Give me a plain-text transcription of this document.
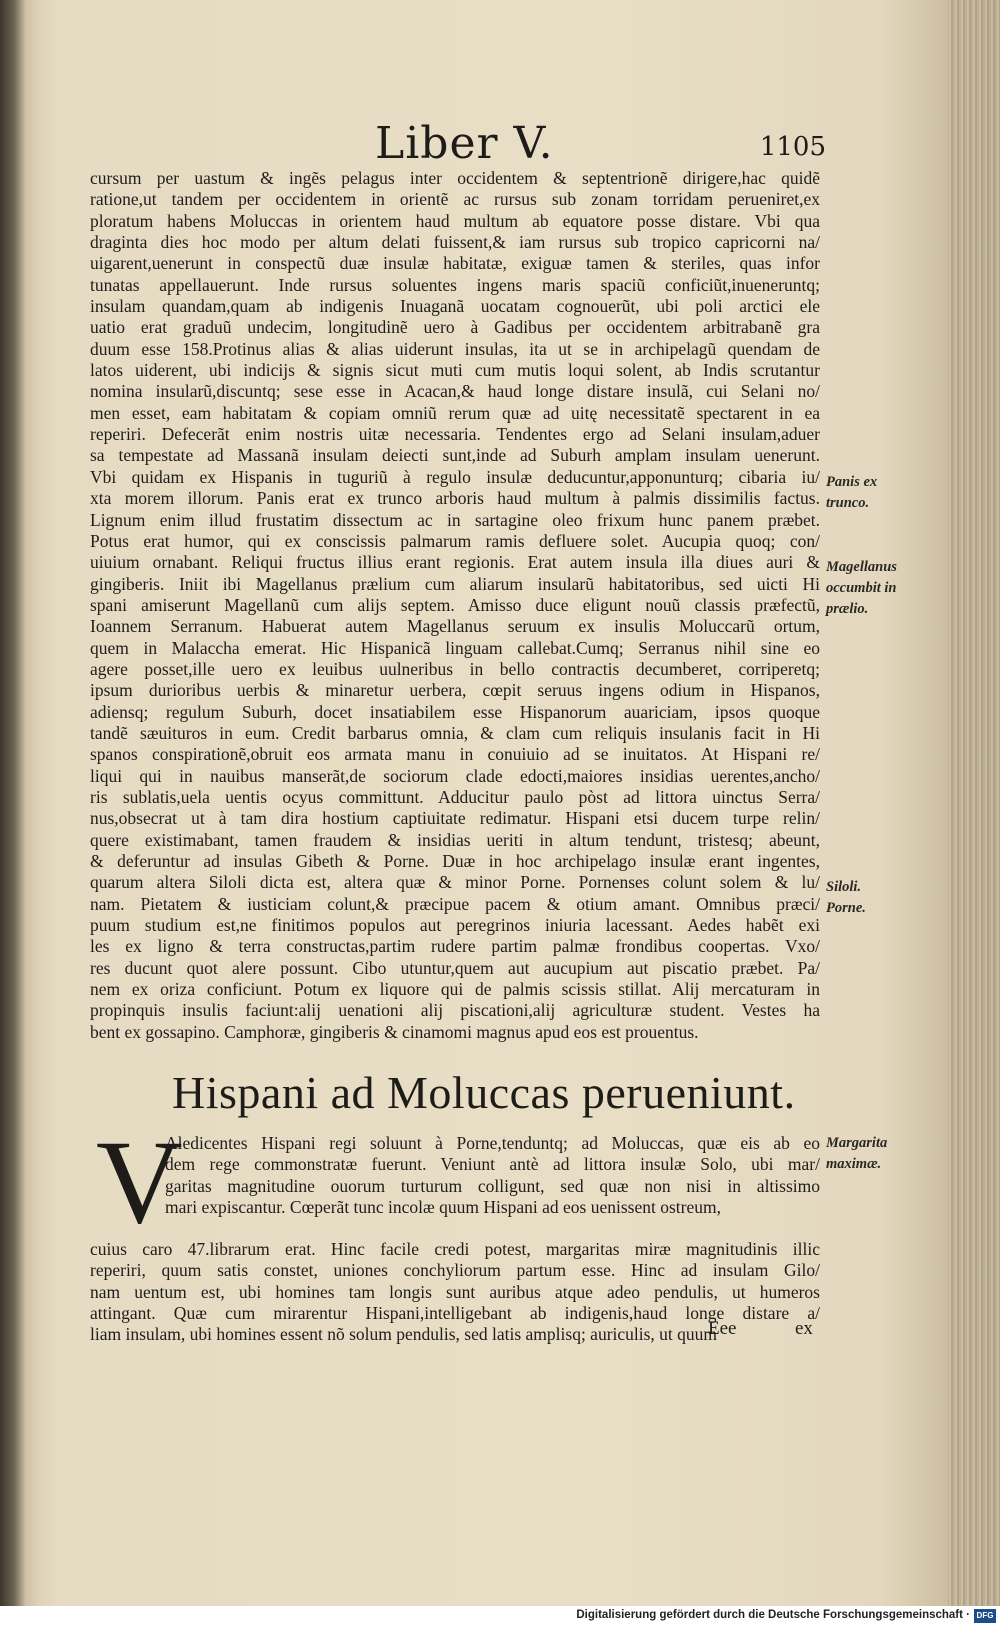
Liber V.	1105
cursum per uastum & ingẽs pelagus inter occidentem & septentrionẽ dirigere,hac quidẽ
ratione,ut tandem per occidentem in orientẽ ac rursus sub zonam torridam perueniret,ex
ploratum habens Moluccas in orientem haud multum ab equatore posse distare. Vbi qua
draginta dies hoc modo per altum delati fuissent,& iam rursus sub tropico capricorni na/
uigarent,uenerunt in conspectũ duæ insulæ habitatæ, exiguæ tamen & steriles, quas infor
tunatas appellauerunt. Inde rursus soluentes ingens maris spaciũ conficiũt,inueneruntq;
insulam quandam,quam ab indigenis Inuaganã uocatam cognouerũt, ubi poli arctici ele
uatio erat graduũ undecim, longitudinẽ uero à Gadibus per occidentem arbitrabanẽ gra
duum esse 158.Protinus alias & alias uiderunt insulas, ita ut se in archipelagũ quendam de
latos uiderent, ubi indicijs & signis sicut muti cum mutis loqui solent, ab Indis scrutantur
nomina insularũ,discuntq; sese esse in Acacan,& haud longe distare insulã, cui Selani no/
men esset, eam habitatam & copiam omniũ rerum quæ ad uitę necessitatẽ spectarent in ea
reperiri. Defecerãt enim nostris uitæ necessaria. Tendentes ergo ad Selani insulam,aduer
sa tempestate ad Massanã insulam deiecti sunt,inde ad Suburh amplam insulam uenerunt.
Vbi quidam ex Hispanis in tuguriũ à regulo insulæ deducuntur,apponunturq; cibaria iu/
xta morem illorum. Panis erat ex trunco arboris haud multum à palmis dissimilis factus.
Lignum enim illud frustatim dissectum ac in sartagine oleo frixum hunc panem præbet.
Potus erat humor, qui ex conscissis palmarum ramis defluere solet. Aucupia quoq; con/
uiuium ornabant. Reliqui fructus illius erant regionis. Erat autem insula illa diues auri &
gingiberis. Iniit ibi Magellanus prælium cum aliarum insularũ habitatoribus, sed uicti Hi
spani amiserunt Magellanũ cum alijs septem. Amisso duce eligunt nouũ classis præfectũ,
Ioannem Serranum. Habuerat autem Magellanus seruum ex insulis Moluccarũ ortum,
quem in Malaccha emerat. Hic Hispanicã linguam callebat.Cumq; Serranus nihil sine eo
agere posset,ille uero ex leuibus uulneribus in bello contractis decumberet, corriperetq;
ipsum durioribus uerbis & minaretur uerbera, cœpit seruus ingens odium in Hispanos,
adiensq; regulum Suburh, docet insatiabilem esse Hispanorum auariciam, ipsos quoque
tandẽ sæuituros in eum. Credit barbarus omnia, & clam cum reliquis insulanis facit in Hi
spanos conspirationẽ,obruit eos armata manu in conuiuio ad se inuitatos. At Hispani re/
liqui qui in nauibus manserãt,de sociorum clade edocti,maiores insidias uerentes,ancho/
ris sublatis,uela uentis ocyus committunt. Adducitur paulo pòst ad littora uinctus Serra/
nus,obsecrat ut à tam dira hostium captiuitate redimatur. Hispani etsi ducem turpe relin/
quere existimabant, tamen fraudem & insidias ueriti in altum tendunt, tristesq; abeunt,
& deferuntur ad insulas Gibeth & Porne. Duæ in hoc archipelago insulæ erant ingentes,
quarum altera Siloli dicta est, altera quæ & minor Porne. Pornenses colunt solem & lu/
nam. Pietatem & iusticiam colunt,& præcipue pacem & otium amant. Omnibus præci/
puum studium est,ne finitimos populos aut peregrinos iniuria lacessant. Aedes habẽt exi
les ex ligno & terra constructas,partim rudere partim palmæ frondibus coopertas. Vxo/
res ducunt quot alere possunt. Cibo utuntur,quem aut aucupium aut piscatio præbet. Pa/
nem ex oriza conficiunt. Potum ex liquore qui de palmis scissis stillat. Alij mercaturam in
propinquis insulis faciunt:alij uenationi alij piscationi,alij agriculturæ student. Vestes ha
bent ex gossapino. Camphoræ, gingiberis & cinamomi magnus apud eos est prouentus.
Panis ex
trunco.
Magellanus
occumbit in
prælio.
Siloli.
Porne.
Hispani ad Moluccas perueniunt.
V
Aledicentes Hispani regi soluunt à Porne,tenduntq; ad Moluccas, quæ eis ab eo
dem rege commonstratæ fuerunt. Veniunt antè ad littora insulæ Solo, ubi mar/
garitas magnitudine ouorum turturum colligunt, sed quæ non nisi in altissimo
mari expiscantur. Cœperãt tunc incolæ quum Hispani ad eos uenissent ostreum,
cuius caro 47.librarum erat. Hinc facile credi potest, margaritas miræ magnitudinis illic
reperiri, quum satis constet, uniones conchyliorum partum esse. Hinc ad insulam Gilo/
nam uentum est, ubi homines tam longis sunt auribus atque adeo pendulis, ut humeros
attingant. Quæ cum mirarentur Hispani,intelligebant ab indigenis,haud longe distare a/
liam insulam, ubi homines essent nõ solum pendulis, sed latis amplisq; auriculis, ut quum
Margarita
maximæ.
Eee	ex
Digitalisierung gefördert durch die Deutsche Forschungsgemeinschaft · DFG
